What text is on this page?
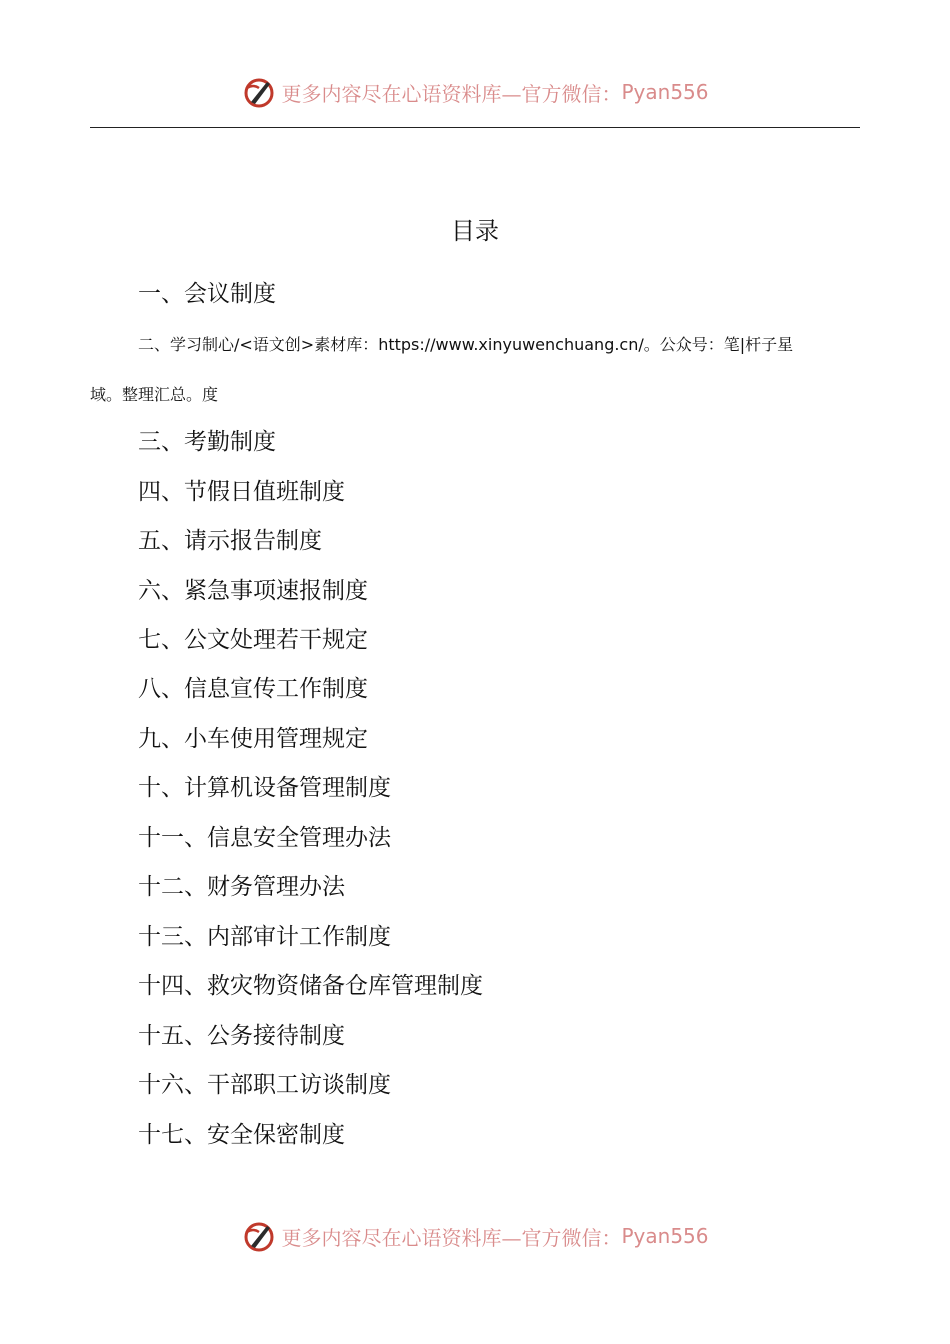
更多内容尽在心语资料库—官方微信： Pyan556
目录
一、会议制度
二、学习制心/<语文创>素材库：https://www.xinyuwenchuang.cn/。公众号：笔|杆子星
域。整理汇总。度
三、考勤制度
四、节假日值班制度
五、请示报告制度
六、紧急事项速报制度
七、公文处理若干规定
八、信息宣传工作制度
九、小车使用管理规定
十、计算机设备管理制度
十一、信息安全管理办法
十二、财务管理办法
十三、内部审计工作制度
十四、救灾物资储备仓库管理制度
十五、公务接待制度
十六、干部职工访谈制度
十七、安全保密制度
更多内容尽在心语资料库—官方微信： Pyan556
